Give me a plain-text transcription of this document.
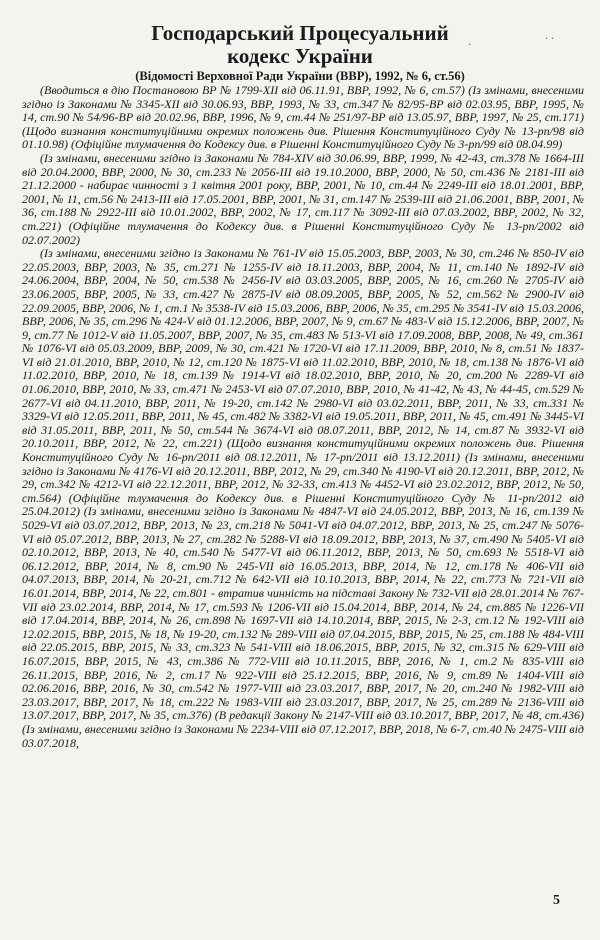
·
· ·
Господарський Процесуальний
кодекс України

(Відомості Верховної Ради України (ВВР), 1992, № 6, ст.56)

(Вводиться в дію Постановою ВР № 1799-XII від 06.11.91, ВВР, 1992, № 6, ст.57) (Із змінами, внесеними згідно із Законами № 3345-XII від 30.06.93, ВВР, 1993, № 33, ст.347 № 82/95-ВР від 02.03.95, ВВР, 1995, № 14, ст.90 № 54/96-ВР від 20.02.96, ВВР, 1996, № 9, ст.44 № 251/97-ВР від 13.05.97, ВВР, 1997, № 25, ст.171) (Щодо визнання конституційними окремих положень див. Рішення Конституційного Суду № 13-рп/98 від 01.10.98) (Офіційне тлумачення до Кодексу див. в Рішенні Конституційного Суду № 3-рп/99 від 08.04.99)

(Із змінами, внесеними згідно із Законами № 784-XIV від 30.06.99, ВВР, 1999, № 42-43, ст.378 № 1664-III від 20.04.2000, ВВР, 2000, № 30, ст.233 № 2056-III від 19.10.2000, ВВР, 2000, № 50, ст.436 № 2181-III від 21.12.2000 - набирає чинності з 1 квітня 2001 року, ВВР, 2001, № 10, ст.44 № 2249-III від 18.01.2001, ВВР, 2001, № 11, ст.56 № 2413-III від 17.05.2001, ВВР, 2001, № 31, ст.147 № 2539-III від 21.06.2001, ВВР, 2001, № 36, ст.188 № 2922-III від 10.01.2002, ВВР, 2002, № 17, ст.117 № 3092-III від 07.03.2002, ВВР, 2002, № 32, ст.221) (Офіційне тлумачення до Кодексу див. в Рішенні Конституційного Суду № 13-рп/2002 від 02.07.2002)

(Із змінами, внесеними згідно із Законами № 761-IV від 15.05.2003, ВВР, 2003, № 30, ст.246 № 850-IV від 22.05.2003, ВВР, 2003, № 35, ст.271 № 1255-IV від 18.11.2003, ВВР, 2004, № 11, ст.140 № 1892-IV від 24.06.2004, ВВР, 2004, № 50, ст.538 № 2456-IV від 03.03.2005, ВВР, 2005, № 16, ст.260 № 2705-IV від 23.06.2005, ВВР, 2005, № 33, ст.427 № 2875-IV від 08.09.2005, ВВР, 2005, № 52, ст.562 № 2900-IV від 22.09.2005, ВВР, 2006, № 1, ст.1 № 3538-IV від 15.03.2006, ВВР, 2006, № 35, ст.295 № 3541-IV від 15.03.2006, ВВР, 2006, № 35, ст.296 № 424-V від 01.12.2006, ВВР, 2007, № 9, ст.67 № 483-V від 15.12.2006, ВВР, 2007, № 9, ст.77 № 1012-V від 11.05.2007, ВВР, 2007, № 35, ст.483 № 513-VI від 17.09.2008, ВВР, 2008, № 49, ст.361 № 1076-VI від 05.03.2009, ВВР, 2009, № 30, ст.421 № 1720-VI від 17.11.2009, ВВР, 2010, № 8, ст.51 № 1837-VI від 21.01.2010, ВВР, 2010, № 12, ст.120 № 1875-VI від 11.02.2010, ВВР, 2010, № 18, ст.138 № 1876-VI від 11.02.2010, ВВР, 2010, № 18, ст.139 № 1914-VI від 18.02.2010, ВВР, 2010, № 20, ст.200 № 2289-VI від 01.06.2010, ВВР, 2010, № 33, ст.471 № 2453-VI від 07.07.2010, ВВР, 2010, № 41-42, № 43, № 44-45, ст.529 № 2677-VI від 04.11.2010, ВВР, 2011, № 19-20, ст.142 № 2980-VI від 03.02.2011, ВВР, 2011, № 33, ст.331 № 3329-VI від 12.05.2011, ВВР, 2011, № 45, ст.482 № 3382-VI від 19.05.2011, ВВР, 2011, № 45, ст.491 № 3445-VI від 31.05.2011, ВВР, 2011, № 50, ст.544 № 3674-VI від 08.07.2011, ВВР, 2012, № 14, ст.87 № 3932-VI від 20.10.2011, ВВР, 2012, № 22, ст.221) (Щодо визнання конституційними окремих положень див. Рішення Конституційного Суду № 16-рп/2011 від 08.12.2011, № 17-рп/2011 від 13.12.2011) (Із змінами, внесеними згідно із Законами № 4176-VI від 20.12.2011, ВВР, 2012, № 29, ст.340 № 4190-VI від 20.12.2011, ВВР, 2012, № 29, ст.342 № 4212-VI від 22.12.2011, ВВР, 2012, № 32-33, ст.413 № 4452-VI від 23.02.2012, ВВР, 2012, № 50, ст.564) (Офіційне тлумачення до Кодексу див. в Рішенні Конституційного Суду № 11-рп/2012 від 25.04.2012) (Із змінами, внесеними згідно із Законами № 4847-VI від 24.05.2012, ВВР, 2013, № 16, ст.139 № 5029-VI від 03.07.2012, ВВР, 2013, № 23, ст.218 № 5041-VI від 04.07.2012, ВВР, 2013, № 25, ст.247 № 5076-VI від 05.07.2012, ВВР, 2013, № 27, ст.282 № 5288-VI від 18.09.2012, ВВР, 2013, № 37, ст.490 № 5405-VI від 02.10.2012, ВВР, 2013, № 40, ст.540 № 5477-VI від 06.11.2012, ВВР, 2013, № 50, ст.693 № 5518-VI від 06.12.2012, ВВР, 2014, № 8, ст.90 № 245-VII від 16.05.2013, ВВР, 2014, № 12, ст.178 № 406-VII від 04.07.2013, ВВР, 2014, № 20-21, ст.712 № 642-VII від 10.10.2013, ВВР, 2014, № 22, ст.773 № 721-VII від 16.01.2014, ВВР, 2014, № 22, ст.801 - втратив чинність на підставі Закону № 732-VII від 28.01.2014 № 767-VII від 23.02.2014, ВВР, 2014, № 17, ст.593 № 1206-VII від 15.04.2014, ВВР, 2014, № 24, ст.885 № 1226-VII від 17.04.2014, ВВР, 2014, № 26, ст.898 № 1697-VII від 14.10.2014, ВВР, 2015, № 2-3, ст.12 № 192-VIII від 12.02.2015, ВВР, 2015, № 18, № 19-20, ст.132 № 289-VIII від 07.04.2015, ВВР, 2015, № 25, ст.188 № 484-VIII від 22.05.2015, ВВР, 2015, № 33, ст.323 № 541-VIII від 18.06.2015, ВВР, 2015, № 32, ст.315 № 629-VIII від 16.07.2015, ВВР, 2015, № 43, ст.386 № 772-VIII від 10.11.2015, ВВР, 2016, № 1, ст.2 № 835-VIII від 26.11.2015, ВВР, 2016, № 2, ст.17 № 922-VIII від 25.12.2015, ВВР, 2016, № 9, ст.89 № 1404-VIII від 02.06.2016, ВВР, 2016, № 30, ст.542 № 1977-VIII від 23.03.2017, ВВР, 2017, № 20, ст.240 № 1982-VIII від 23.03.2017, ВВР, 2017, № 18, ст.222 № 1983-VIII від 23.03.2017, ВВР, 2017, № 25, ст.289 № 2136-VIII від 13.07.2017, ВВР, 2017, № 35, ст.376) (В редакції Закону № 2147-VIII від 03.10.2017, ВВР, 2017, № 48, ст.436) (Із змінами, внесеними згідно із Законами № 2234-VIII від 07.12.2017, ВВР, 2018, № 6-7, ст.40 № 2475-VIII від 03.07.2018,

5
